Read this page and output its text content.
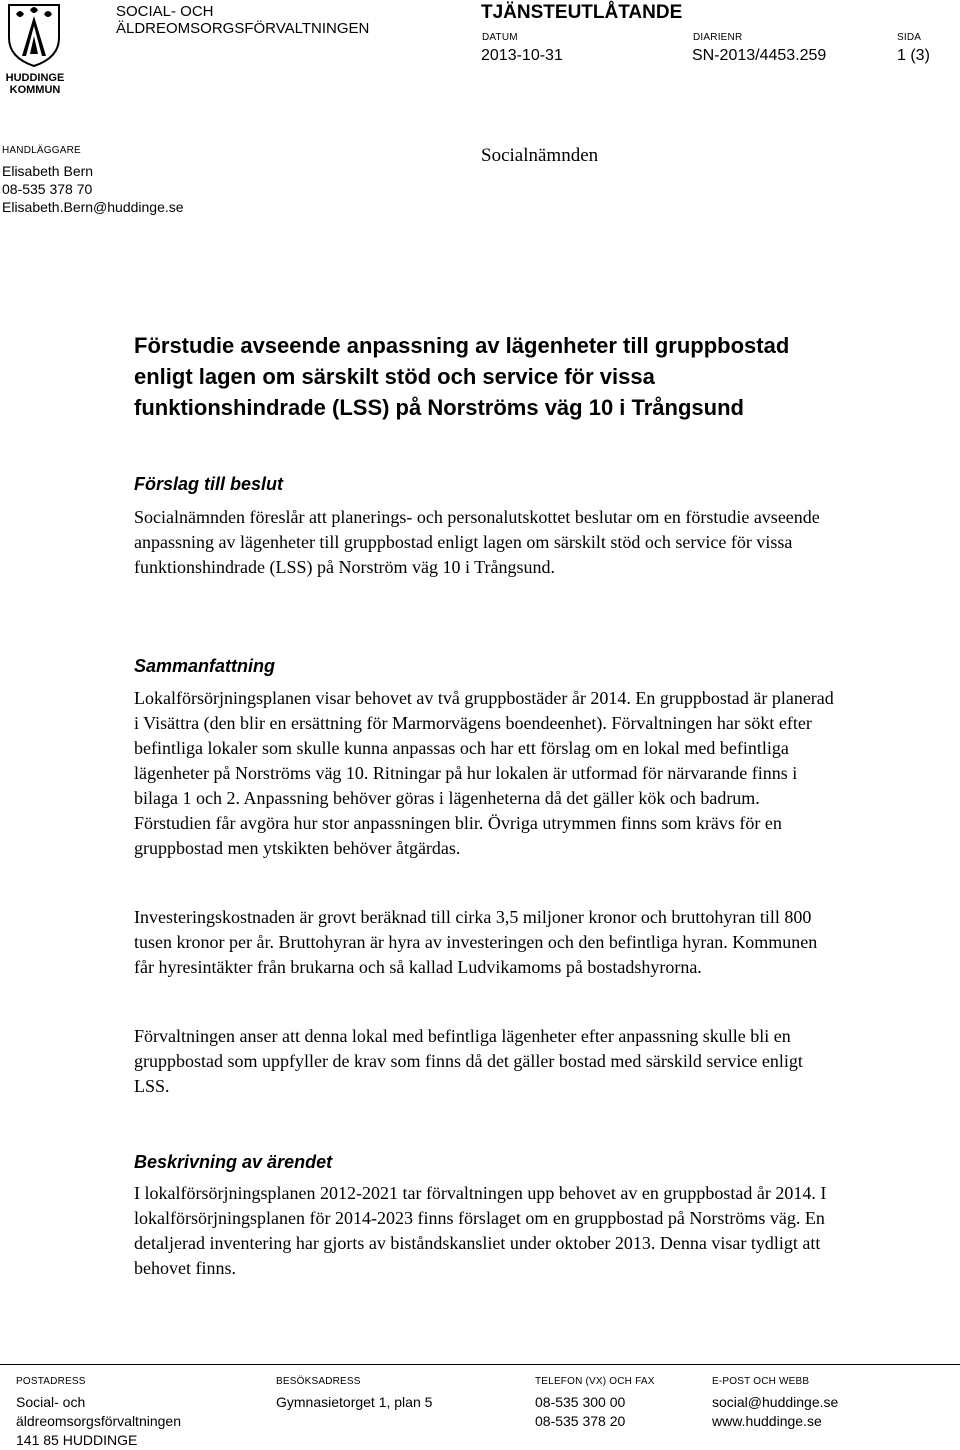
HUDDINGE KOMMUN
SOCIAL- OCH
ÄLDREOMSORGSFÖRVALTNINGEN
TJÄNSTEUTLÅTANDE
DATUM
2013-10-31
DIARIENR
SN-2013/4453.259
SIDA
1 (3)
HANDLÄGGARE
Elisabeth Bern
08-535 378 70
Elisabeth.Bern@huddinge.se
Socialnämnden
Förstudie avseende anpassning av lägenheter till gruppbostad enligt lagen om särskilt stöd och service för vissa funktionshindrade (LSS) på Norströms väg 10 i Trångsund
Förslag till beslut
Socialnämnden föreslår att planerings- och personalutskottet beslutar om en förstudie avseende anpassning av lägenheter till gruppbostad enligt lagen om särskilt stöd och service för vissa funktionshindrade (LSS) på Norström väg 10 i Trångsund.
Sammanfattning
Lokalförsörjningsplanen visar behovet av två gruppbostäder år 2014. En gruppbostad är planerad i Visättra (den blir en ersättning för Marmorvägens boendeenhet). Förvaltningen har sökt efter befintliga lokaler som skulle kunna anpassas och har ett förslag om en lokal med befintliga lägenheter på Norströms väg 10. Ritningar på hur lokalen är utformad för närvarande finns i bilaga 1 och 2. Anpassning behöver göras i lägenheterna då det gäller kök och badrum. Förstudien får avgöra hur stor anpassningen blir. Övriga utrymmen finns som krävs för en gruppbostad men ytskikten behöver åtgärdas.
Investeringskostnaden är grovt beräknad till cirka 3,5 miljoner kronor och bruttohyran till 800 tusen kronor per år. Bruttohyran är hyra av investeringen och den befintliga hyran. Kommunen får hyresintäkter från brukarna och så kallad Ludvikamoms på bostadshyrorna.
Förvaltningen anser att denna lokal med befintliga lägenheter efter anpassning skulle bli en gruppbostad som uppfyller de krav som finns då det gäller bostad med särskild service enligt LSS.
Beskrivning av ärendet
I lokalförsörjningsplanen 2012-2021 tar förvaltningen upp behovet av en gruppbostad år 2014. I lokalförsörjningsplanen för 2014-2023 finns förslaget om en gruppbostad på Norströms väg. En detaljerad inventering har gjorts av biståndskansliet under oktober 2013. Denna visar tydligt att behovet finns.
POSTADRESS
Social- och
äldreomsorgsförvaltningen
141 85 HUDDINGE
BESÖKSADRESS
Gymnasietorget 1, plan 5
TELEFON (VX) OCH FAX
08-535 300 00
08-535 378 20
E-POST OCH WEBB
social@huddinge.se
www.huddinge.se
